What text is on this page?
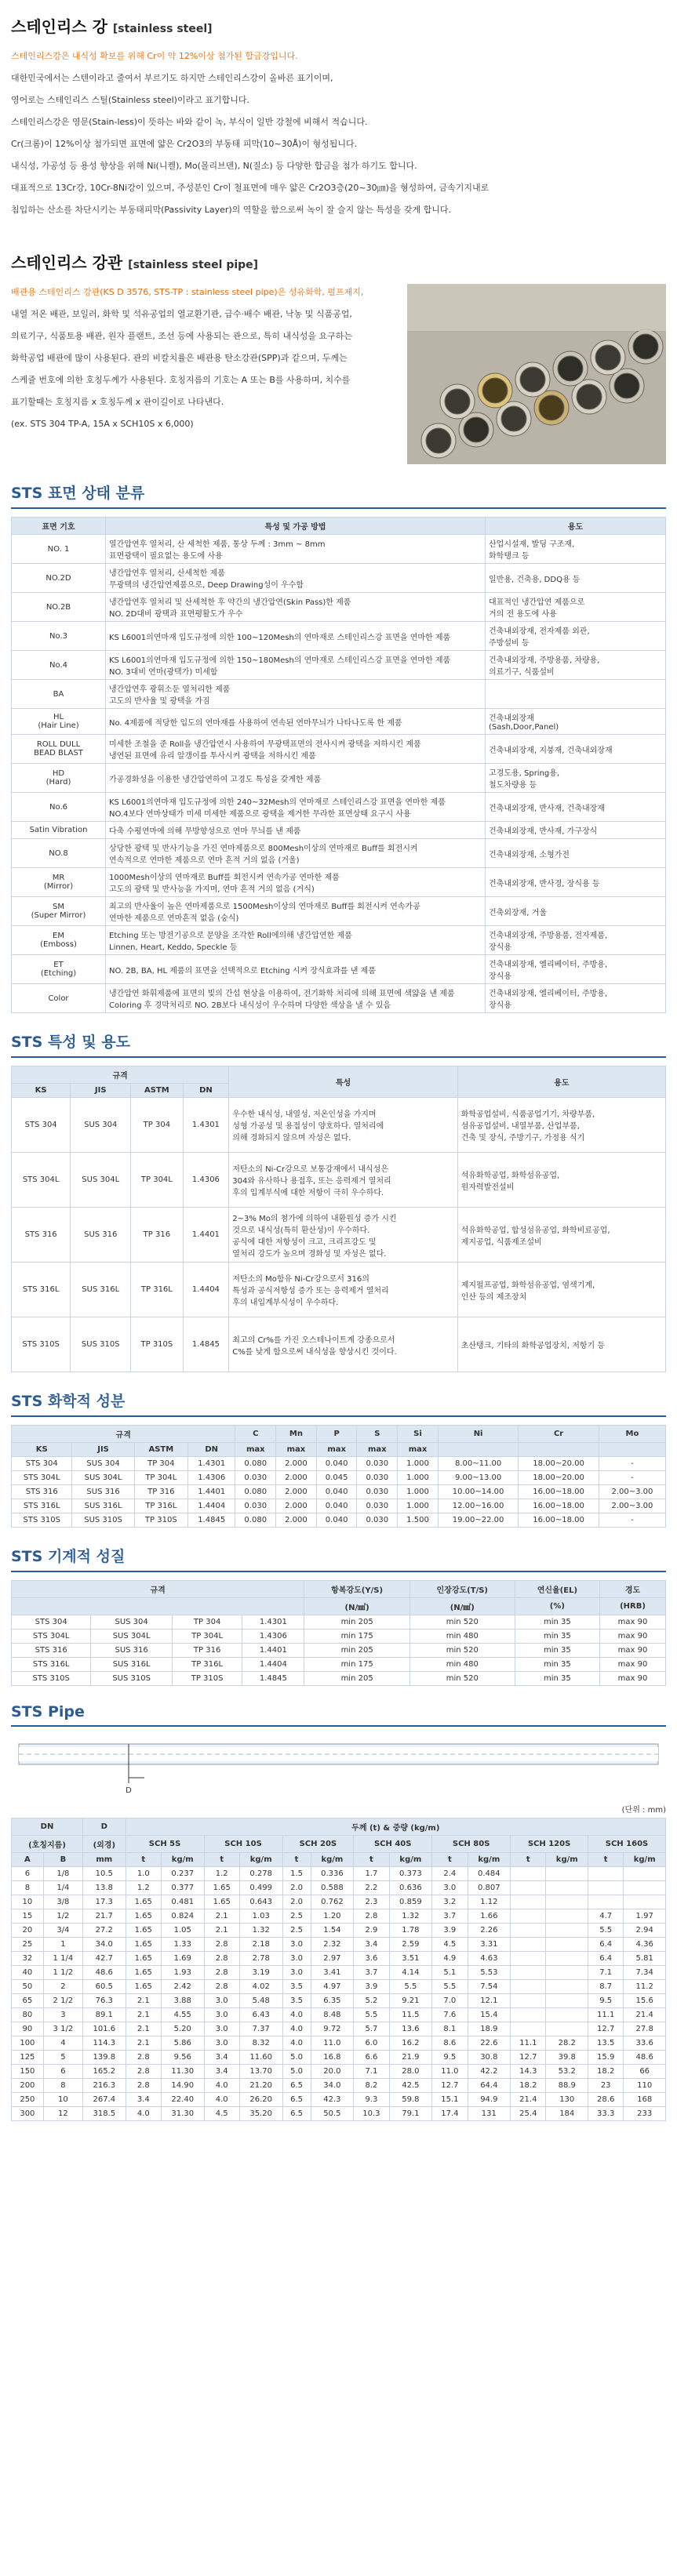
스테인리스 강 [stainless steel]

스테인리스강은 내식성 확보를 위해 Cr이 약 12%이상 첨가된 합금강입니다.

대한민국에서는 스텐이라고 줄여서 부르기도 하지만 스테인리스강이 올바른 표기이며,

영어로는 스테인리스 스틸(Stainless steel)이라고 표기합니다.

스테인리스강은 영문(Stain-less)이 뜻하는 바와 같이 녹, 부식이 일반 강철에 비해서 적습니다.

Cr(크롬)이 12%이상 첨가되면 표면에 얇은 Cr2O3의 부동태 피막(10~30Å)이 형성됩니다.

내식성, 가공성 등 용성 향상을 위해 Ni(니켈), Mo(몰리브덴), N(질소) 등 다양한 합금을 첨가 하기도 합니다.

대표적으로 13Cr강, 10Cr-8Ni강이 있으며, 주성분인 Cr이 철표면에 매우 얇은 Cr2O3층(20~30㎛)을 형성하여, 금속기지내로

침입하는 산소를 차단시키는 부동태피막(Passivity Layer)의 역할을 함으로써 녹이 잘 슬지 않는 특성을 갖게 합니다.

스테인리스 강관 [stainless steel pipe]

배관용 스테인리스 강관(KS D 3576, STS-TP : stainless steel pipe)은 성유화학, 펄프제지,

내열 저온 배관, 보일러, 화학 및 석유공업의 열교환기관, 급수·배수 배관, 낙농 및 식품공업,

의료기구, 식품토용 배관, 원자 플랜트, 조선 등에 사용되는 관으로, 특히 내식성을 요구하는

화학공업 배관에 많이 사용된다. 관의 비칼치률은 배관용 탄소강관(SPP)과 같으며, 두께는

스케쥴 번호에 의한 호칭두께가 사용된다. 호칭지름의 기호는 A 또는 B를 사용하며, 치수를

표기할때는 호칭지름 x 호칭두께 x 관이길이로 나타낸다.

(ex. STS 304 TP-A, 15A x SCH10S x 6,000)

STS 표면 상태 분류
표면 기호	특성 및 가공 방법	용도
NO. 1	열간압연후 열처리, 산 세척한 제품, 통상 두께 : 3mm ~ 8mm
표면광택이 필요없는 용도에 사용	산업시설재, 발딩 구조재,
화학탱크 등
NO.2D	냉간압연후 열처리, 산세척한 제품
무광택의 냉간압연제품으로, Deep Drawing성이 우수함	일반용, 건축용, DDQ용 등
NO.2B	냉간압연후 열처리 및 산세척한 후 약간의 냉간압연(Skin Pass)한 제품
NO. 2D대비 광택과 표면평활도가 우수	대표적인 냉간압연 제품으로
거의 전 용도에 사용
No.3	KS L6001의연마재 입도규정에 의한 100~120Mesh의 연마재로 스테인리스강 표면을 연마한 제품	건축내외장재, 전자제품 외관,
주방설비 등
No.4	KS L6001의연마재 입도규정에 의한 150~180Mesh의 연마재로 스테인리스강 표면을 연마한 제품
NO. 3대비 연마(광택가) 미세함	건축내외장재, 주방용품, 차량용,
의료기구, 식품설비
BA	냉간압연후 광휘소둔 열처리한 제품
고도의 반사율 및 광택을 가짐	
HL
(Hair Line)	No. 4제품에 적당한 입도의 연마재를 사용하여 연속된 연마무늬가 나타나도록 한 제품	건축내외장재
(Sash,Door,Panel)
ROLL DULL
BEAD BLAST	미세한 조철을 준 Roll을 냉간압연시 사용하여 무광택표면의 전사시켜 광택을 저하시킨 제품
냉연된 표면에 유리 알갱이를 투사시켜 광택을 저하시킨 제품	건축내외장재, 지붕재, 건축내외장재
HD
(Hard)	가공경화성을 이용한 냉간압연하여 고경도 특성을 갖게한 제품	고경도용, Spring용,
철도차량용 등
No.6	KS L6001의연마재 입도규정에 의한 240~32Mesh의 연마재로 스테인리스강 표면을 연마한 제품
NO.4보다 연마상태가 미세 미세한 제품으로 광택을 제거한 무라한 표면상태 요구시 사용	건축내외장재, 반사재, 건축내장재
Satin Vibration	다축 수평연마에 의해 무방향성으로 연마 무늬를 낸 제품	건축내외장재, 반사재, 가구장식
NO.8	상당한 광택 및 반사기능을 가진 연마제품으로 800Mesh이상의 연마재로 Buff를 회전시켜
연속적으로 연마한 제품으로 연마 흔적 거의 없음 (거울)	건축내외장재, 소형가전
MR
(Mirror)	1000Mesh이상의 연마재로 Buff를 회전시켜 연속가공 연마한 제품
고도의 광택 및 반사능을 가지며, 연마 흔적 거의 없음 (거식)	건축내외장재, 반사경, 장식용 등
SM
(Super Mirror)	최고의 반사율이 높은 연마제품으로 1500Mesh이상의 연마재로 Buff를 회전시켜 연속가공
연마한 제품으로 연마흔적 없음 (숭식)	건축외장재, 거울
EM
(Emboss)	Etching 또는 방전기공으로 문양을 조각한 Roll에의해 냉간압연한 제품
Linnen, Heart, Keddo, Speckle 등	건축내외장재, 주방용품, 전자제품,
장식용
ET
(Etching)	NO. 2B, BA, HL 제품의 표면을 선택적으로 Etching 시켜 장식효과를 낸 제품	건축내외장재, 엘리베이터, 주방용,
장식용
Color	냉간압연 화휘제품에 표면의 빛의 간섭 현상을 이용하여, 전기화학 처리에 의해 표면에 색얇을 낸 제품
Coloring 후 경막처리로 NO. 2B보다 내식성이 우수하며 다양한 색상을 낼 수 있음	건축내외장재, 엘리베이터, 주방용,
장식용
STS 특성 및 용도
규격				특성	용도
KS	JIS	ASTM	DN		
STS 304	SUS 304	TP 304	1.4301	우수한 내식성, 내열성, 저온인성을 가지며
성형 가공성 및 용접성이 양호하다. 열처리에
의해 경화되지 않으며 자성은 없다.	화학공업설비, 식품공업기기, 차량부품,
섬유공업설비, 내열부품, 산업부품,
건축 및 장식, 주방기구, 가정용 식기
STS 304L	SUS 304L	TP 304L	1.4306	저탄소의 Ni-Cr강으로 보통강재에서 내식성은
304와 유사하나 용접후, 또는 응력제거 열처리
후의 입계부식에 대한 저항이 극히 우수하다.	석유화학공업, 화학섬유공업,
원자력발전설비
STS 316	SUS 316	TP 316	1.4401	2~3% Mo의 첨가에 의하여 내환원성 증가 시킨
것으로 내식성(특히 환산성)이 우수하다.
공식에 대한 저항성이 크고, 크리프강도 및
열처리 강도가 높으며 경화성 및 자성은 없다.	석유화학공업, 합성섬유공업, 화학비료공업,
제지공업, 식품제조설비
STS 316L	SUS 316L	TP 316L	1.4404	저탄소의 Mo함유 Ni-Cr강으로서 316의
특성과 공식저항성 증가 또는 응력제거 열처리
후의 내입계부식성이 우수하다.	제지펄프공업, 화학섬유공업, 염색기계,
인산 등의 제조장치
STS 310S	SUS 310S	TP 310S	1.4845	최고의 Cr%를 가진 오스테나이트계 강종으로서
C%를 낮게 함으로써 내식성을 향상시킨 것이다.	초산탱크, 기타의 화학공업장치, 저항기 등
STS 화학적 성분
규격				C	Mn	P	S	Si	Ni	Cr	Mo
KS	JIS	ASTM	DN	max	max	max	max	max			
STS 304	SUS 304	TP 304	1.4301	0.080	2.000	0.040	0.030	1.000	8.00~11.00	18.00~20.00	-
STS 304L	SUS 304L	TP 304L	1.4306	0.030	2.000	0.045	0.030	1.000	9.00~13.00	18.00~20.00	-
STS 316	SUS 316	TP 316	1.4401	0.080	2.000	0.040	0.030	1.000	10.00~14.00	16.00~18.00	2.00~3.00
STS 316L	SUS 316L	TP 316L	1.4404	0.030	2.000	0.040	0.030	1.000	12.00~16.00	16.00~18.00	2.00~3.00
STS 310S	SUS 310S	TP 310S	1.4845	0.080	2.000	0.040	0.030	1.500	19.00~22.00	16.00~18.00	-
STS 기계적 성질
규격				항복강도(Y/S)	인장강도(T/S)	연신율(EL)	경도
				(N/㎟)	(N/㎟)	(%)	(HRB)
STS 304	SUS 304	TP 304	1.4301	min 205	min 520	min 35	max 90
STS 304L	SUS 304L	TP 304L	1.4306	min 175	min 480	min 35	max 90
STS 316	SUS 316	TP 316	1.4401	min 205	min 520	min 35	max 90
STS 316L	SUS 316L	TP 316L	1.4404	min 175	min 480	min 35	max 90
STS 310S	SUS 310S	TP 310S	1.4845	min 205	min 520	min 35	max 90
STS Pipe
D
(단위 : mm)
DN		D	두께 (t) & 중량 (kg/m)													
(호칭지름)		(외경)	SCH 5S		SCH 10S		SCH 20S		SCH 40S		SCH 80S		SCH 120S		SCH 160S	
A	B	mm	t	kg/m	t	kg/m	t	kg/m	t	kg/m	t	kg/m	t	kg/m	t	kg/m
6	1/8	10.5	1.0	0.237	1.2	0.278	1.5	0.336	1.7	0.373	2.4	0.484				
8	1/4	13.8	1.2	0.377	1.65	0.499	2.0	0.588	2.2	0.636	3.0	0.807				
10	3/8	17.3	1.65	0.481	1.65	0.643	2.0	0.762	2.3	0.859	3.2	1.12				
15	1/2	21.7	1.65	0.824	2.1	1.03	2.5	1.20	2.8	1.32	3.7	1.66			4.7	1.97
20	3/4	27.2	1.65	1.05	2.1	1.32	2.5	1.54	2.9	1.78	3.9	2.26			5.5	2.94
25	1	34.0	1.65	1.33	2.8	2.18	3.0	2.32	3.4	2.59	4.5	3.31			6.4	4.36
32	1 1/4	42.7	1.65	1.69	2.8	2.78	3.0	2.97	3.6	3.51	4.9	4.63			6.4	5.81
40	1 1/2	48.6	1.65	1.93	2.8	3.19	3.0	3.41	3.7	4.14	5.1	5.53			7.1	7.34
50	2	60.5	1.65	2.42	2.8	4.02	3.5	4.97	3.9	5.5	5.5	7.54			8.7	11.2
65	2 1/2	76.3	2.1	3.88	3.0	5.48	3.5	6.35	5.2	9.21	7.0	12.1			9.5	15.6
80	3	89.1	2.1	4.55	3.0	6.43	4.0	8.48	5.5	11.5	7.6	15.4			11.1	21.4
90	3 1/2	101.6	2.1	5.20	3.0	7.37	4.0	9.72	5.7	13.6	8.1	18.9			12.7	27.8
100	4	114.3	2.1	5.86	3.0	8.32	4.0	11.0	6.0	16.2	8.6	22.6	11.1	28.2	13.5	33.6
125	5	139.8	2.8	9.56	3.4	11.60	5.0	16.8	6.6	21.9	9.5	30.8	12.7	39.8	15.9	48.6
150	6	165.2	2.8	11.30	3.4	13.70	5.0	20.0	7.1	28.0	11.0	42.2	14.3	53.2	18.2	66
200	8	216.3	2.8	14.90	4.0	21.20	6.5	34.0	8.2	42.5	12.7	64.4	18.2	88.9	23	110
250	10	267.4	3.4	22.40	4.0	26.20	6.5	42.3	9.3	59.8	15.1	94.9	21.4	130	28.6	168
300	12	318.5	4.0	31.30	4.5	35.20	6.5	50.5	10.3	79.1	17.4	131	25.4	184	33.3	233
